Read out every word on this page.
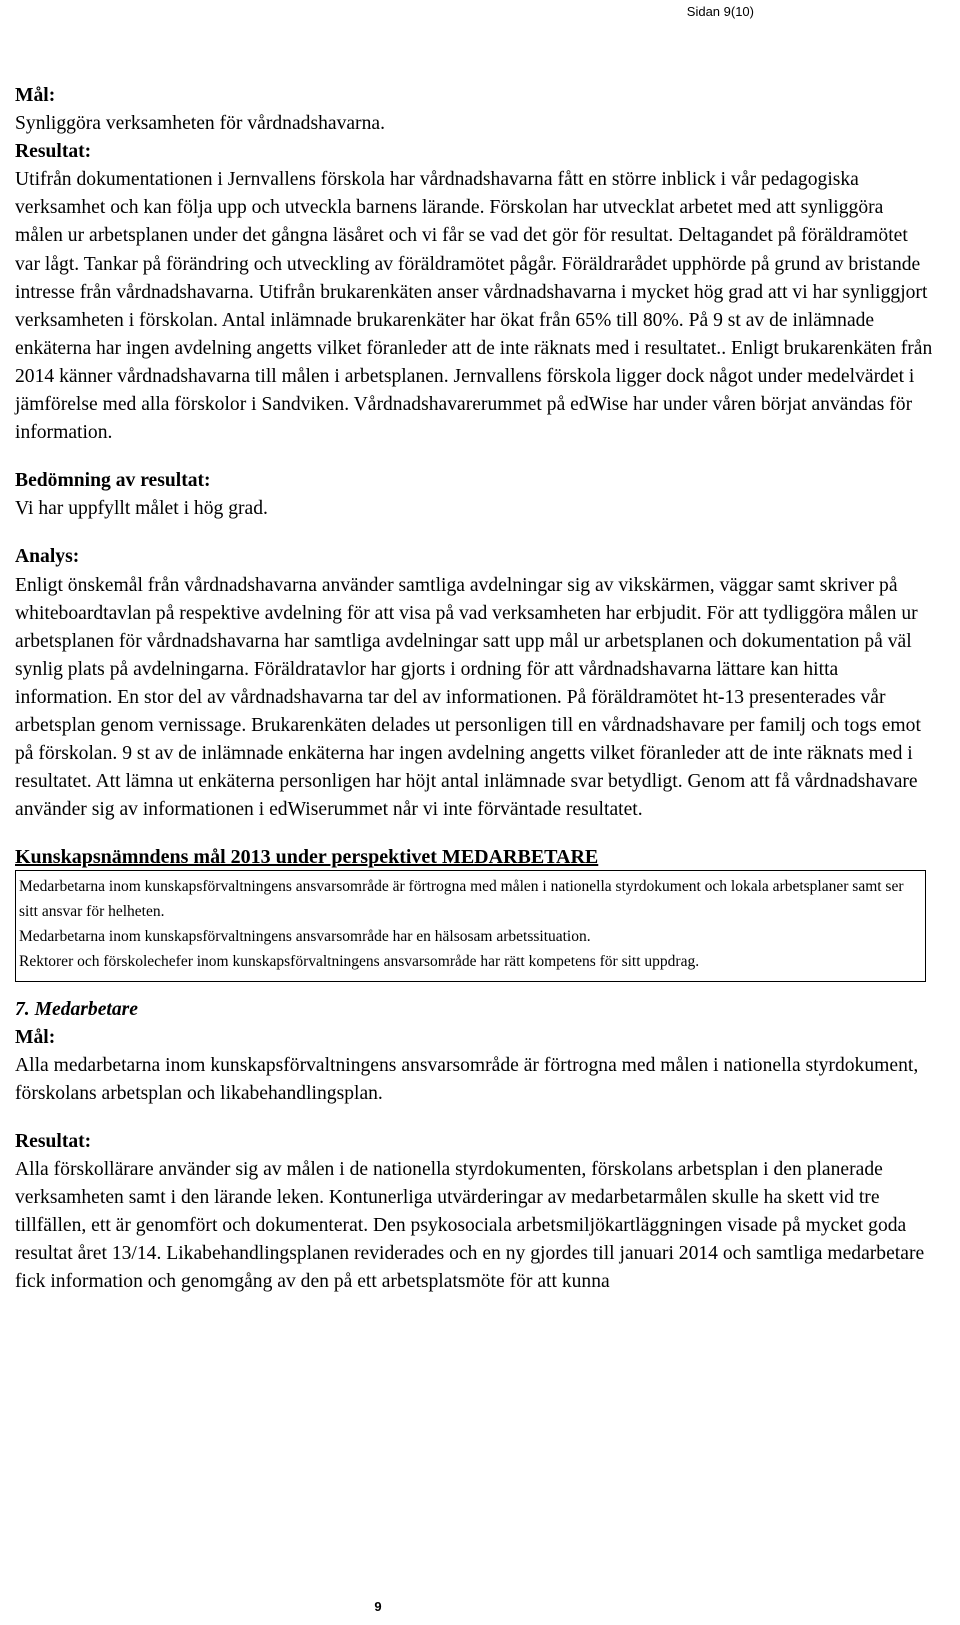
Sidan 9(10)
Mål:
Synliggöra verksamheten för vårdnadshavarna.
Resultat:
Utifrån dokumentationen i Jernvallens förskola har vårdnadshavarna fått en större inblick i vår pedagogiska verksamhet och kan följa upp och utveckla barnens lärande. Förskolan har utvecklat arbetet med att synliggöra målen ur arbetsplanen under det gångna läsåret och vi får se vad det gör för resultat. Deltagandet på föräldramötet var lågt. Tankar på förändring och utveckling av föräldramötet pågår. Föräldrarådet upphörde på grund av bristande intresse från vårdnadshavarna. Utifrån brukarenkäten anser vårdnadshavarna i mycket hög grad att vi har synliggjort verksamheten i förskolan. Antal inlämnade brukarenkäter har ökat från 65% till 80%. På 9 st av de inlämnade enkäterna har ingen avdelning angetts vilket föranleder att de inte räknats med i resultatet.. Enligt brukarenkäten från 2014 känner vårdnadshavarna till målen i arbetsplanen. Jernvallens förskola ligger dock något under medelvärdet i jämförelse med alla förskolor i Sandviken. Vårdnadshavarerummet på edWise har under våren börjat användas för information.
Bedömning av resultat:
Vi har uppfyllt målet i hög grad.
Analys:
Enligt önskemål från vårdnadshavarna använder samtliga avdelningar sig av vikskärmen, väggar samt skriver på whiteboardtavlan på respektive avdelning för att visa på vad verksamheten har erbjudit. För att tydliggöra målen ur arbetsplanen för vårdnadshavarna har samtliga avdelningar satt upp mål ur arbetsplanen och dokumentation på väl synlig plats på avdelningarna. Föräldratavlor har gjorts i ordning för att vårdnadshavarna lättare kan hitta information. En stor del av vårdnadshavarna tar del av informationen. På föräldramötet ht-13 presenterades vår arbetsplan genom vernissage. Brukarenkäten delades ut personligen till en vårdnadshavare per familj och togs emot på förskolan. 9 st av de inlämnade enkäterna har ingen avdelning angetts vilket föranleder att de inte räknats med i resultatet. Att lämna ut enkäterna personligen har höjt antal inlämnade svar betydligt. Genom att få vårdnadshavare använder sig av informationen i edWiserummet når vi inte förväntade resultatet.
Kunskapsnämndens mål 2013 under perspektivet MEDARBETARE
Medarbetarna inom kunskapsförvaltningens ansvarsområde är förtrogna med målen i nationella styrdokument och lokala arbetsplaner samt ser sitt ansvar för helheten.
Medarbetarna inom kunskapsförvaltningens ansvarsområde har en hälsosam arbetssituation.
Rektorer och förskolechefer inom kunskapsförvaltningens ansvarsområde har rätt kompetens för sitt uppdrag.
7. Medarbetare
Mål:
Alla medarbetarna inom kunskapsförvaltningens ansvarsområde är förtrogna med målen i nationella styrdokument, förskolans arbetsplan och likabehandlingsplan.
Resultat:
Alla förskollärare använder sig av målen i de nationella styrdokumenten, förskolans arbetsplan i den planerade verksamheten samt i den lärande leken. Kontunerliga utvärderingar av medarbetarmålen skulle ha skett vid tre tillfällen, ett är genomfört och dokumenterat. Den psykosociala arbetsmiljökartläggningen visade på mycket goda resultat året 13/14. Likabehandlingsplanen reviderades och en ny gjordes till januari 2014 och samtliga medarbetare fick information och genomgång av den på ett arbetsplatsmöte för att kunna
9
